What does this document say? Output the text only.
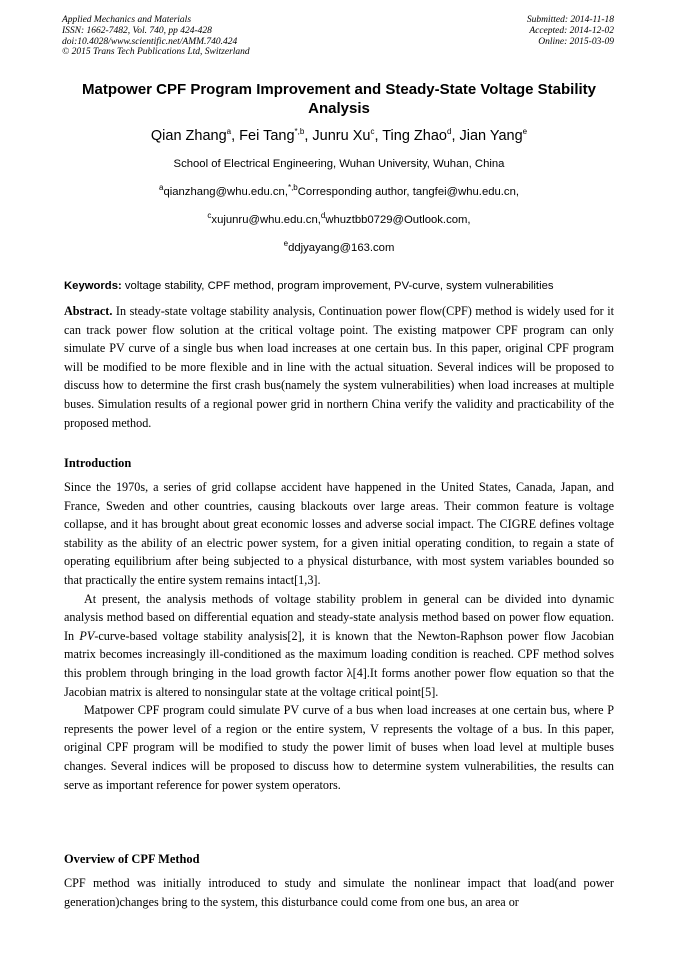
Applied Mechanics and Materials
ISSN: 1662-7482, Vol. 740, pp 424-428
doi:10.4028/www.scientific.net/AMM.740.424
© 2015 Trans Tech Publications Ltd, Switzerland
Submitted: 2014-11-18
Accepted: 2014-12-02
Online: 2015-03-09
Matpower CPF Program Improvement and Steady-State Voltage Stability Analysis
Qian Zhang$^a$, Fei Tang$^{*,b}$, Junru Xu$^c$, Ting Zhao$^d$, Jian Yang$^e$
School of Electrical Engineering, Wuhan University, Wuhan, China
$^a$qianzhang@whu.edu.cn,$^{*,b}$Corresponding author, tangfei@whu.edu.cn,
$^c$xujunru@whu.edu.cn,$^d$whuztbb0729@Outlook.com,
$^e$ddjyayang@163.com
Keywords: voltage stability, CPF method, program improvement, PV-curve, system vulnerabilities

Abstract. In steady-state voltage stability analysis, Continuation power flow(CPF) method is widely used for it can track power flow solution at the critical voltage point. The existing matpower CPF program can only simulate PV curve of a single bus when load increases at one certain bus. In this paper, original CPF program will be modified to be more flexible and in line with the actual situation. Several indices will be proposed to discuss how to determine the first crash bus(namely the system vulnerabilities) when load increases at multiple buses. Simulation results of a regional power grid in northern China verify the validity and practicability of the proposed method.

Introduction

Since the 1970s, a series of grid collapse accident have happened in the United States, Canada, Japan, and France, Sweden and other countries, causing blackouts over large areas. Their common feature is voltage collapse, and it has brought about great economic losses and adverse social impact. The CIGRE defines voltage stability as the ability of an electric power system, for a given initial operating condition, to regain a state of operating equilibrium after being subjected to a physical disturbance, with most system variables bounded so that practically the entire system remains intact[1,3].

At present, the analysis methods of voltage stability problem in general can be divided into dynamic analysis method based on differential equation and steady-state analysis method based on power flow equation. In PV-curve-based voltage stability analysis[2], it is known that the Newton-Raphson power flow Jacobian matrix becomes increasingly ill-conditioned as the maximum loading condition is reached. CPF method solves this problem through bringing in the load growth factor λ[4].It forms another power flow equation so that the Jacobian matrix is altered to nonsingular state at the voltage critical point[5].

Matpower CPF program could simulate PV curve of a bus when load increases at one certain bus, where P represents the power level of a region or the entire system, V represents the voltage of a bus. In this paper, original CPF program will be modified to study the power limit of buses when load level at multiple buses changes. Several indices will be proposed to discuss how to determine system vulnerabilities, the results can serve as important reference for power system operators.

Overview of CPF Method

CPF method was initially introduced to study and simulate the nonlinear impact that load(and power generation)changes bring to the system, this disturbance could come from one bus, an area or
